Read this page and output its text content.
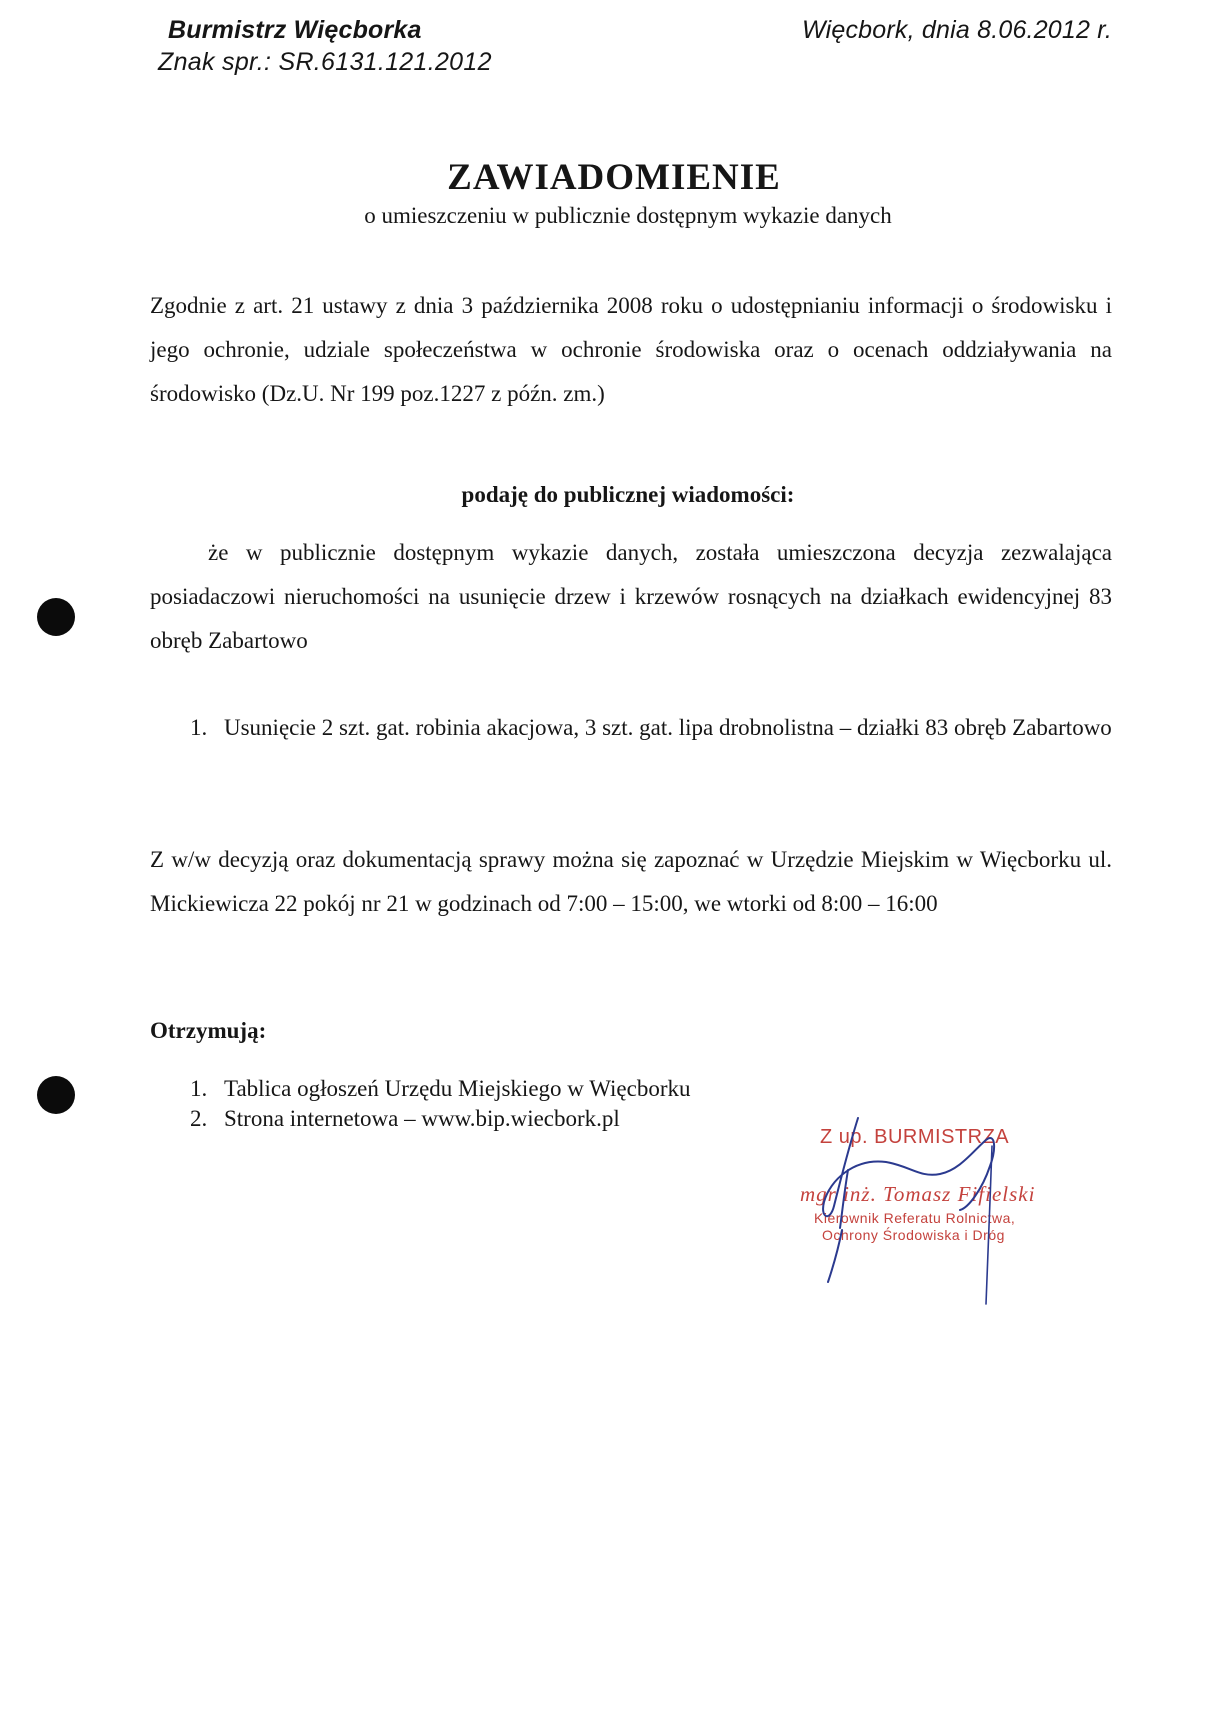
Burmistrz Więcborka
Znak spr.: SR.6131.121.2012
Więcbork, dnia 8.06.2012 r.
ZAWIADOMIENIE
o umieszczeniu w publicznie dostępnym wykazie danych
Zgodnie z art. 21 ustawy z dnia 3 października 2008 roku o udostępnianiu informacji o środowisku i jego ochronie, udziale społeczeństwa w ochronie środowiska oraz o ocenach oddziaływania na środowisko (Dz.U. Nr 199 poz.1227 z późn. zm.)
podaję do publicznej wiadomości:
że w publicznie dostępnym wykazie danych, została umieszczona decyzja zezwalająca posiadaczowi nieruchomości na usunięcie drzew i krzewów rosnących na działkach ewidencyjnej 83 obręb Zabartowo
1. Usunięcie 2 szt. gat. robinia akacjowa, 3 szt. gat. lipa drobnolistna – działki 83 obręb Zabartowo
Z w/w decyzją oraz dokumentacją sprawy można się zapoznać w Urzędzie Miejskim w Więcborku ul. Mickiewicza 22 pokój nr 21 w godzinach od 7:00 – 15:00, we wtorki od 8:00 – 16:00
Otrzymują:
1. Tablica ogłoszeń Urzędu Miejskiego w Więcborku
2. Strona internetowa – www.bip.wiecbork.pl
Z up. BURMISTRZA
mgr inż. Tomasz Fifielski
Kierownik Referatu Rolnictwa,
Ochrony Środowiska i Dróg
